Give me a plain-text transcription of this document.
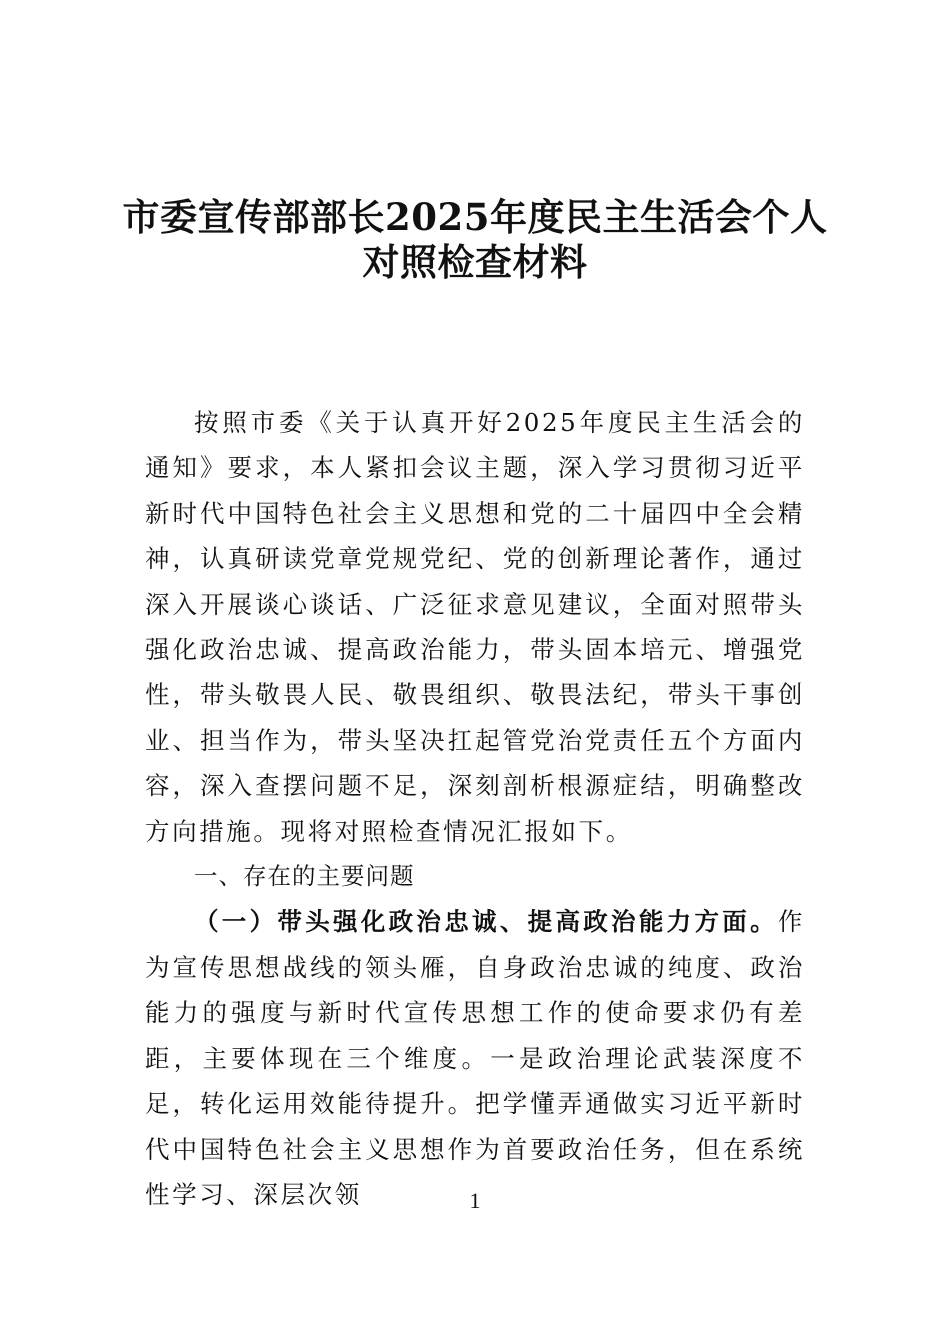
市委宣传部部长2025年度民主生活会个人
对照检查材料

按照市委《关于认真开好2025年度民主生活会的通知》要求，本人紧扣会议主题，深入学习贯彻习近平新时代中国特色社会主义思想和党的二十届四中全会精神，认真研读党章党规党纪、党的创新理论著作，通过深入开展谈心谈话、广泛征求意见建议，全面对照带头强化政治忠诚、提高政治能力，带头固本培元、增强党性，带头敬畏人民、敬畏组织、敬畏法纪，带头干事创业、担当作为，带头坚决扛起管党治党责任五个方面内容，深入查摆问题不足，深刻剖析根源症结，明确整改方向措施。现将对照检查情况汇报如下。

一、存在的主要问题

（一）带头强化政治忠诚、提高政治能力方面。作为宣传思想战线的领头雁，自身政治忠诚的纯度、政治能力的强度与新时代宣传思想工作的使命要求仍有差距，主要体现在三个维度。一是政治理论武装深度不足，转化运用效能待提升。把学懂弄通做实习近平新时代中国特色社会主义思想作为首要政治任务，但在系统性学习、深层次领	1
